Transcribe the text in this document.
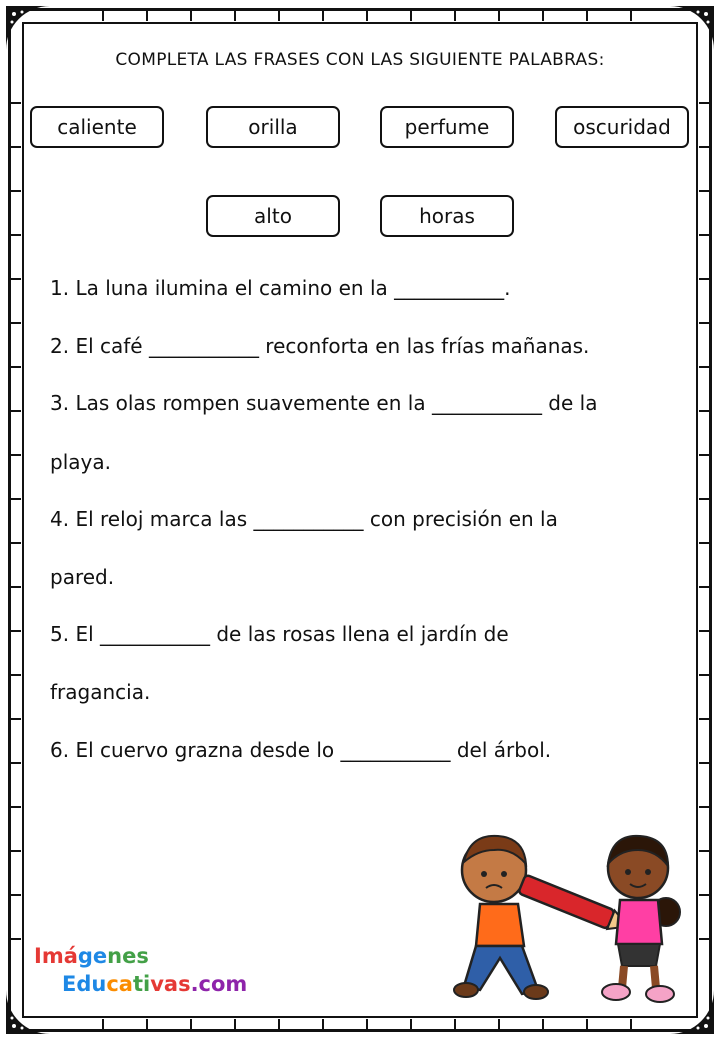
COMPLETA LAS FRASES CON LAS SIGUIENTE PALABRAS:
caliente	orilla	perfume	oscuridad
alto	horas
1. La luna ilumina el camino en la ___________.
2. El café ___________ reconforta en las frías mañanas.
3. Las olas rompen suavemente en la ___________ de la
playa.
4. El reloj marca las ___________ con precisión en la
pared.
5. El ___________ de las rosas llena el jardín de
fragancia.
6. El cuervo grazna desde lo ___________ del árbol.
Imágenes
Educativas.com
